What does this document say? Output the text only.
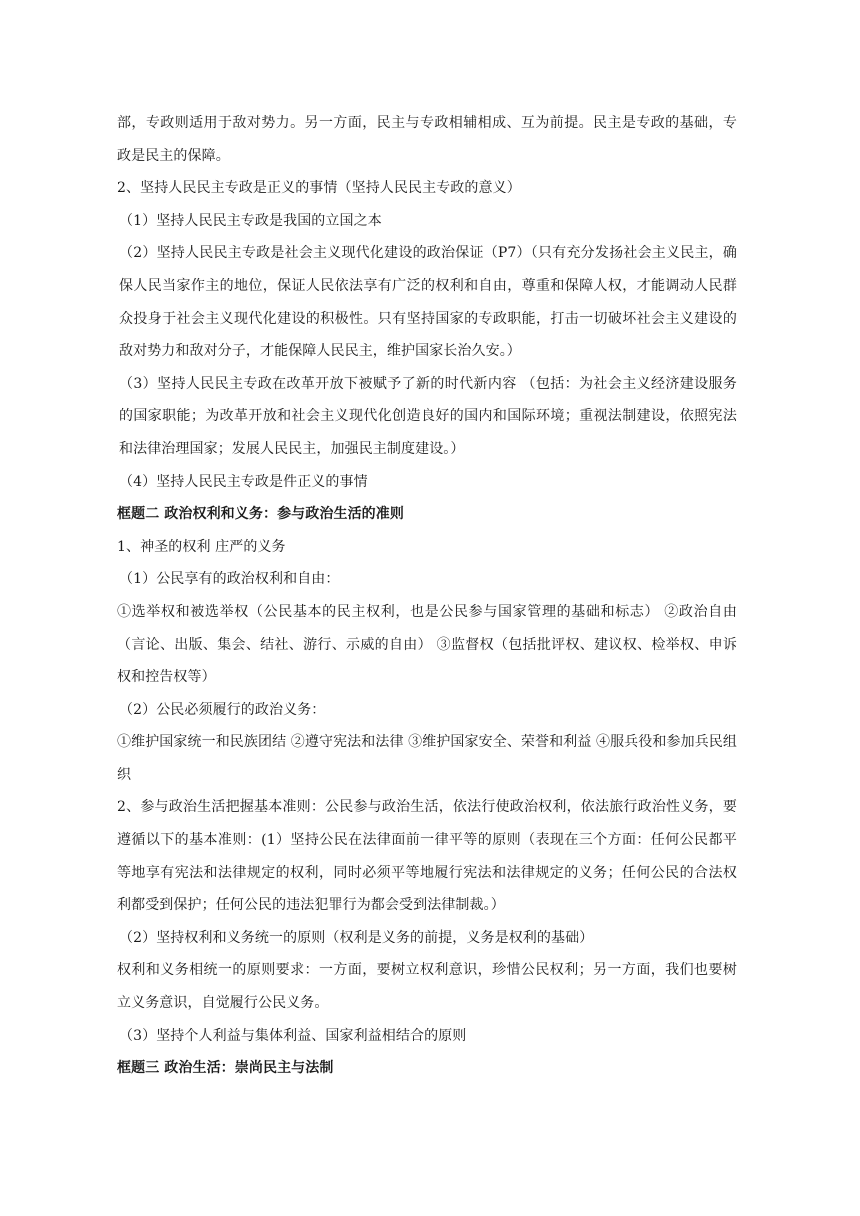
部，专政则适用于敌对势力。另一方面，民主与专政相辅相成、互为前提。民主是专政的基础，专政是民主的保障。

2、坚持人民民主专政是正义的事情（坚持人民民主专政的意义）

（1）坚持人民民主专政是我国的立国之本

（2）坚持人民民主专政是社会主义现代化建设的政治保证（P7）（只有充分发扬社会主义民主，确保人民当家作主的地位，保证人民依法享有广泛的权利和自由，尊重和保障人权，才能调动人民群众投身于社会主义现代化建设的积极性。只有坚持国家的专政职能，打击一切破坏社会主义建设的敌对势力和敌对分子，才能保障人民民主，维护国家长治久安。）

（3）坚持人民民主专政在改革开放下被赋予了新的时代新内容 （包括：为社会主义经济建设服务的国家职能；为改革开放和社会主义现代化创造良好的国内和国际环境；重视法制建设，依照宪法和法律治理国家；发展人民民主，加强民主制度建设。）

（4）坚持人民民主专政是件正义的事情

框题二 政治权利和义务：参与政治生活的准则

1、神圣的权利 庄严的义务

（1）公民享有的政治权利和自由：

①选举权和被选举权（公民基本的民主权利，也是公民参与国家管理的基础和标志） ②政治自由（言论、出版、集会、结社、游行、示威的自由） ③监督权（包括批评权、建议权、检举权、申诉权和控告权等）

（2）公民必须履行的政治义务：

①维护国家统一和民族团结 ②遵守宪法和法律 ③维护国家安全、荣誉和利益 ④服兵役和参加兵民组织

2、参与政治生活把握基本准则：公民参与政治生活，依法行使政治权利，依法旅行政治性义务，要遵循以下的基本准则：(1）坚持公民在法律面前一律平等的原则（表现在三个方面：任何公民都平等地享有宪法和法律规定的权利，同时必须平等地履行宪法和法律规定的义务；任何公民的合法权利都受到保护；任何公民的违法犯罪行为都会受到法律制裁。）

（2）坚持权利和义务统一的原则（权利是义务的前提，义务是权利的基础）

权利和义务相统一的原则要求：一方面，要树立权利意识，珍惜公民权利；另一方面，我们也要树立义务意识，自觉履行公民义务。

（3）坚持个人利益与集体利益、国家利益相结合的原则

框题三 政治生活：崇尚民主与法制
